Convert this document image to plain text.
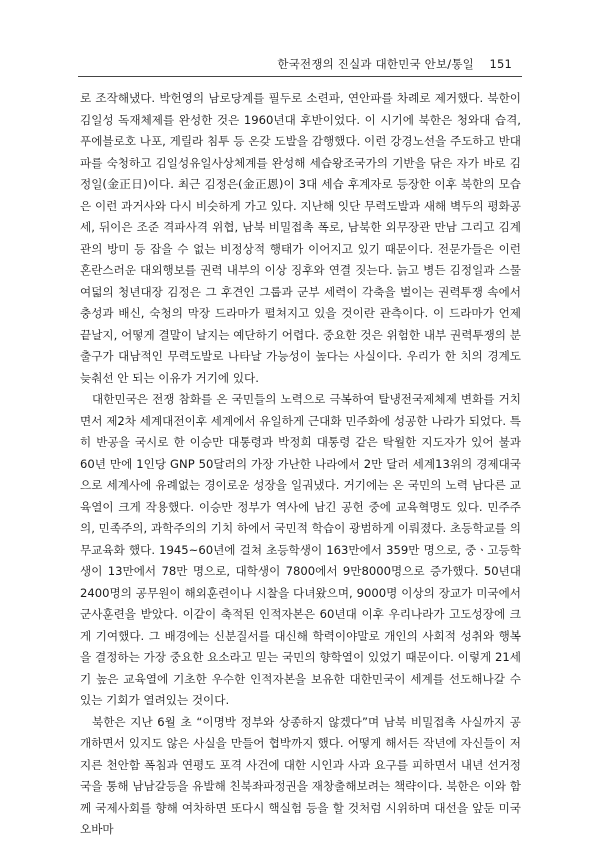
한국전쟁의 진실과 대한민국 안보/통일 151

로 조작해냈다. 박헌영의 남로당계를 필두로 소련파, 연안파를 차례로 제거했다. 북한이 김일성 독재체제를 완성한 것은 1960년대 후반이었다. 이 시기에 북한은 청와대 습격, 푸에블로호 나포, 게릴라 침투 등 온갖 도발을 감행했다. 이런 강경노선을 주도하고 반대파를 숙청하고 김일성유일사상체계를 완성해 세습왕조국가의 기반을 닦은 자가 바로 김정일(金正日)이다. 최근 김정은(金正恩)이 3대 세습 후계자로 등장한 이후 북한의 모습은 이런 과거사와 다시 비슷하게 가고 있다. 지난해 잇단 무력도발과 새해 벽두의 평화공세, 뒤이은 조준 격파사격 위협, 남북 비밀접촉 폭로, 남북한 외무장관 만남 그리고 김계관의 방미 등 잡을 수 없는 비정상적 행태가 이어지고 있기 때문이다. 전문가들은 이런 혼란스러운 대외행보를 권력 내부의 이상 징후와 연결 짓는다. 늙고 병든 김정일과 스물여덟의 청년대장 김정은 그 후견인 그룹과 군부 세력이 각축을 벌이는 권력투쟁 속에서 충성과 배신, 숙청의 막장 드라마가 펼쳐지고 있을 것이란 관측이다. 이 드라마가 언제 끝날지, 어떻게 결말이 날지는 예단하기 어렵다. 중요한 것은 위험한 내부 권력투쟁의 분출구가 대남적인 무력도발로 나타날 가능성이 높다는 사실이다. 우리가 한 치의 경계도 늦춰선 안 되는 이유가 거기에 있다.

대한민국은 전쟁 참화를 온 국민들의 노력으로 극복하여 탈냉전국제체제 변화를 거치면서 제2차 세계대전이후 세계에서 유일하게 근대화 민주화에 성공한 나라가 되었다. 특히 반공을 국시로 한 이승만 대통령과 박정희 대통령 같은 탁월한 지도자가 있어 불과 60년 만에 1인당 GNP 50달러의 가장 가난한 나라에서 2만 달러 세계13위의 경제대국으로 세계사에 유례없는 경이로운 성장을 일궈냈다. 거기에는 온 국민의 노력 남다른 교육열이 크게 작용했다. 이승만 정부가 역사에 남긴 공헌 중에 교육혁명도 있다. 민주주의, 민족주의, 과학주의의 기치 하에서 국민적 학습이 광범하게 이뤄졌다. 초등학교를 의무교육화 했다. 1945~60년에 걸쳐 초등학생이 163만에서 359만 명으로, 중ㆍ고등학생이 13만에서 78만 명으로, 대학생이 7800에서 9만8000명으로 증가했다. 50년대 2400명의 공무원이 해외훈련이나 시찰을 다녀왔으며, 9000명 이상의 장교가 미국에서 군사훈련을 받았다. 이같이 축적된 인적자본은 60년대 이후 우리나라가 고도성장에 크게 기여했다. 그 배경에는 신분질서를 대신해 학력이야말로 개인의 사회적 성취와 행복을 결정하는 가장 중요한 요소라고 믿는 국민의 향학열이 있었기 때문이다. 이렇게 21세기 높은 교육열에 기초한 우수한 인적자본을 보유한 대한민국이 세계를 선도해나갈 수 있는 기회가 열려있는 것이다.

북한은 지난 6월 초 “이명박 정부와 상종하지 않겠다”며 남북 비밀접촉 사실까지 공개하면서 있지도 않은 사실을 만들어 협박까지 했다. 어떻게 해서든 작년에 자신들이 저지른 천안함 폭침과 연평도 포격 사건에 대한 시인과 사과 요구를 피하면서 내년 선거정국을 통해 남남갈등을 유발해 친북좌파정권을 재창출해보려는 책략이다. 북한은 이와 함께 국제사회를 향해 여차하면 또다시 핵실험 등을 할 것처럼 시위하며 대선을 앞둔 미국 오바마
